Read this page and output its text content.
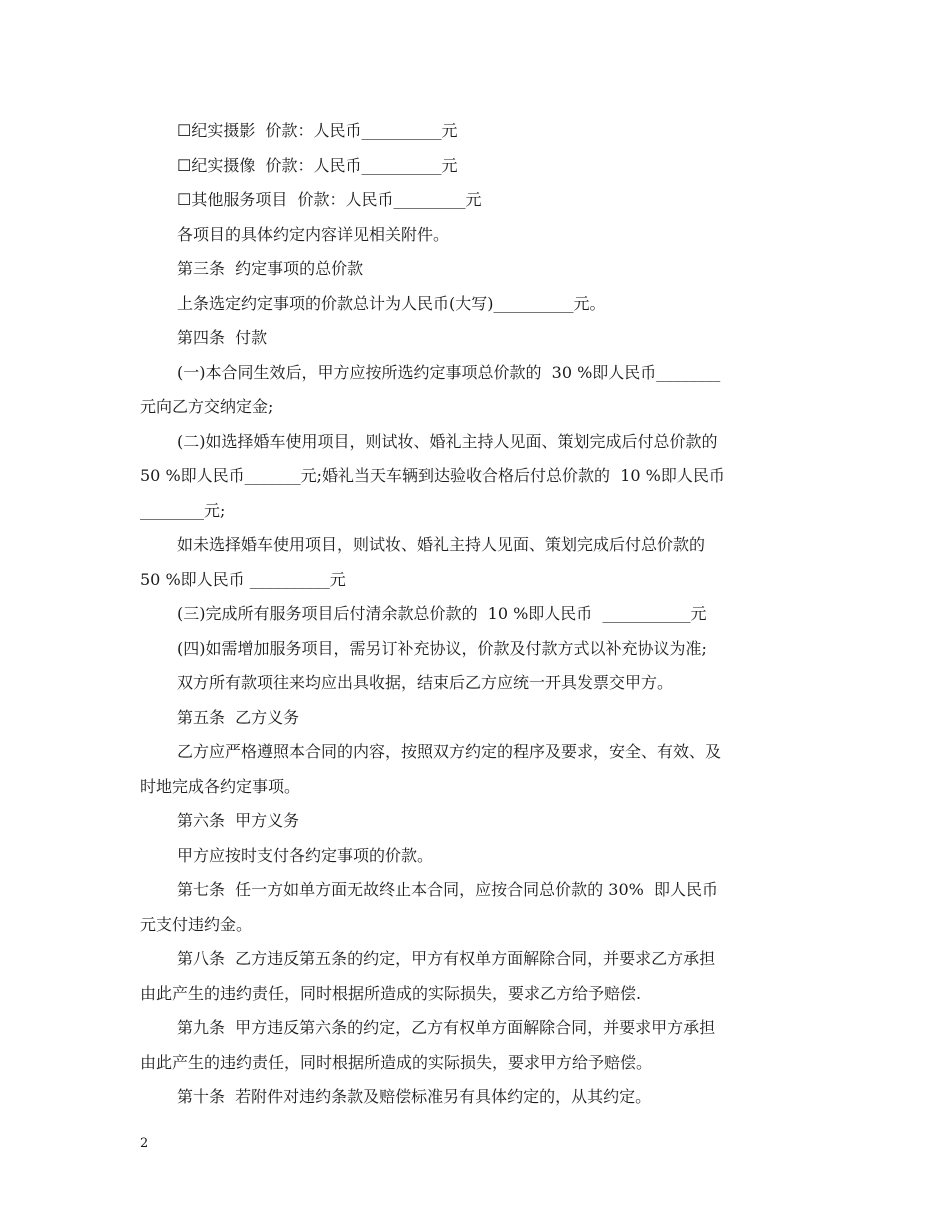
☐纪实摄影  价款：人民币__________元
☐纪实摄像  价款：人民币__________元
☐其他服务项目  价款：人民币_________元
各项目的具体约定内容详见相关附件。
第三条  约定事项的总价款
上条选定约定事项的价款总计为人民币(大写)__________元。
第四条  付款
(一)本合同生效后，甲方应按所选约定事项总价款的  30 %即人民币________
元向乙方交纳定金;
(二)如选择婚车使用项目，则试妆、婚礼主持人见面、策划完成后付总价款的
50 %即人民币_______元;婚礼当天车辆到达验收合格后付总价款的  10 %即人民币
________元;
如未选择婚车使用项目，则试妆、婚礼主持人见面、策划完成后付总价款的
50 %即人民币 __________元
(三)完成所有服务项目后付清余款总价款的  10 %即人民币  ___________元
(四)如需增加服务项目，需另订补充协议，价款及付款方式以补充协议为准;
双方所有款项往来均应出具收据，结束后乙方应统一开具发票交甲方。
第五条  乙方义务
乙方应严格遵照本合同的内容，按照双方约定的程序及要求，安全、有效、及
时地完成各约定事项。
第六条  甲方义务
甲方应按时支付各约定事项的价款。
第七条  任一方如单方面无故终止本合同，应按合同总价款的 30%  即人民币
元支付违约金。
第八条  乙方违反第五条的约定，甲方有权单方面解除合同，并要求乙方承担
由此产生的违约责任，同时根据所造成的实际损失，要求乙方给予赔偿.
第九条  甲方违反第六条的约定，乙方有权单方面解除合同，并要求甲方承担
由此产生的违约责任，同时根据所造成的实际损失，要求甲方给予赔偿。
第十条  若附件对违约条款及赔偿标准另有具体约定的，从其约定。
2
